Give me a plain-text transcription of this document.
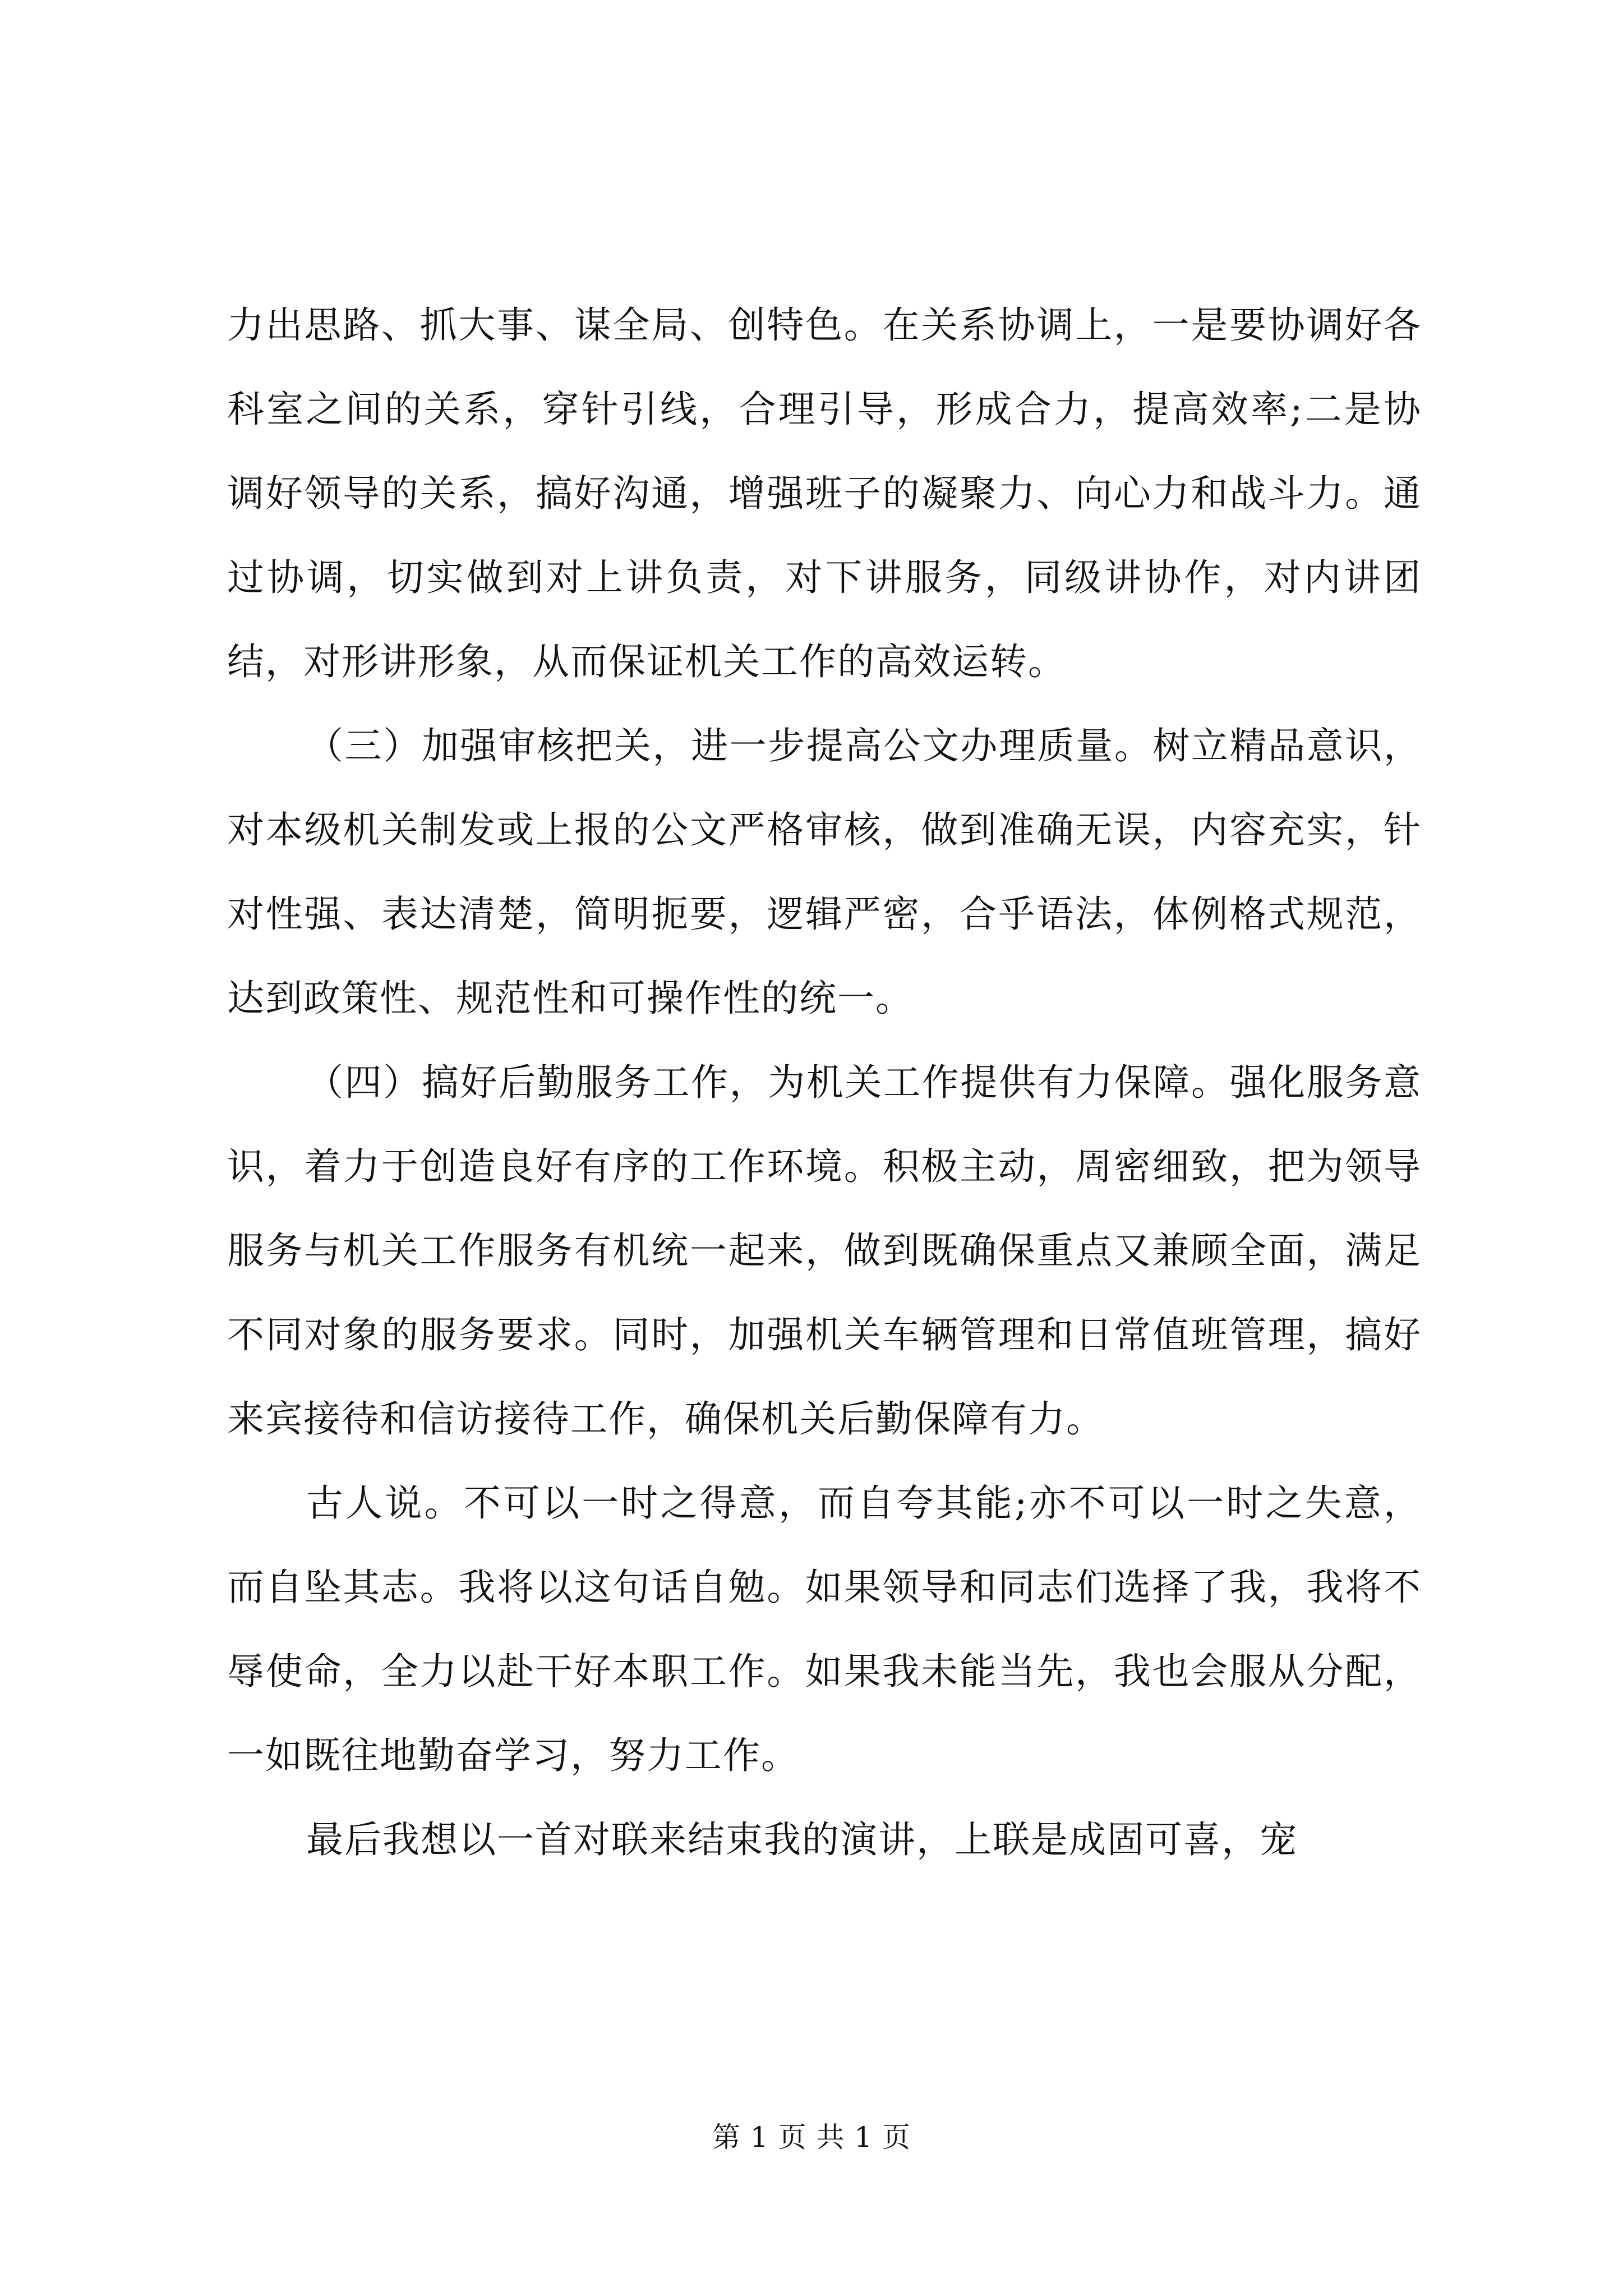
力出思路、抓大事、谋全局、创特色。在关系协调上，一是要协调好各科室之间的关系，穿针引线，合理引导，形成合力，提高效率;二是协调好领导的关系，搞好沟通，增强班子的凝聚力、向心力和战斗力。通过协调，切实做到对上讲负责，对下讲服务，同级讲协作，对内讲团结，对形讲形象，从而保证机关工作的高效运转。

（三）加强审核把关，进一步提高公文办理质量。树立精品意识，对本级机关制发或上报的公文严格审核，做到准确无误，内容充实，针对性强、表达清楚，简明扼要，逻辑严密，合乎语法，体例格式规范，达到政策性、规范性和可操作性的统一。

（四）搞好后勤服务工作，为机关工作提供有力保障。强化服务意识，着力于创造良好有序的工作环境。积极主动，周密细致，把为领导服务与机关工作服务有机统一起来，做到既确保重点又兼顾全面，满足不同对象的服务要求。同时，加强机关车辆管理和日常值班管理，搞好来宾接待和信访接待工作，确保机关后勤保障有力。

古人说。不可以一时之得意，而自夸其能;亦不可以一时之失意，而自坠其志。我将以这句话自勉。如果领导和同志们选择了我，我将不辱使命，全力以赴干好本职工作。如果我未能当先，我也会服从分配，一如既往地勤奋学习，努力工作。

最后我想以一首对联来结束我的演讲，上联是成固可喜，宠

第 1 页 共 1 页
